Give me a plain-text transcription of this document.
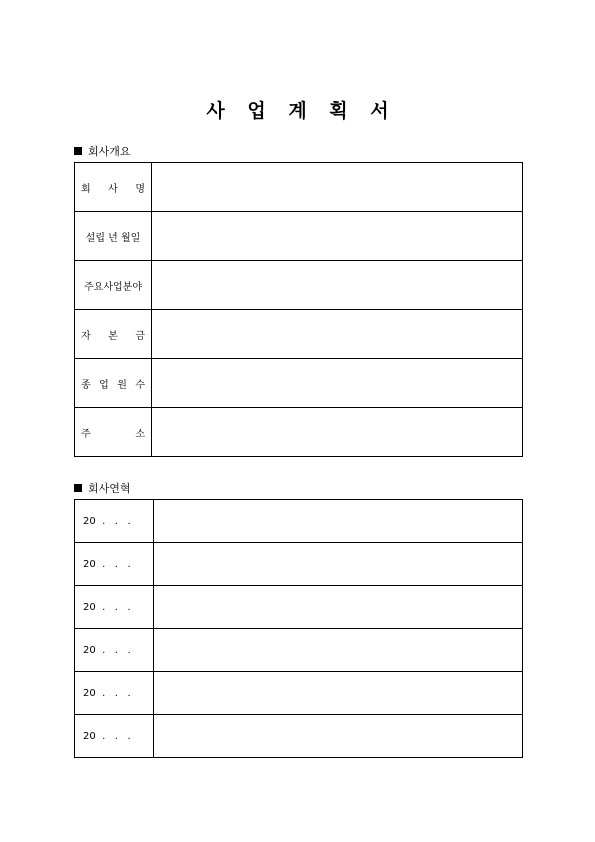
사 업 계 획 서
회사개요
회 사 명	

설립 년 월일	

주요사업분야	

자 본 금	

종 업 원 수	

주 소	

회사연혁
20  .   .   .	
20  .   .   .	
20  .   .   .	
20  .   .   .	
20  .   .   .	
20  .   .   .	
